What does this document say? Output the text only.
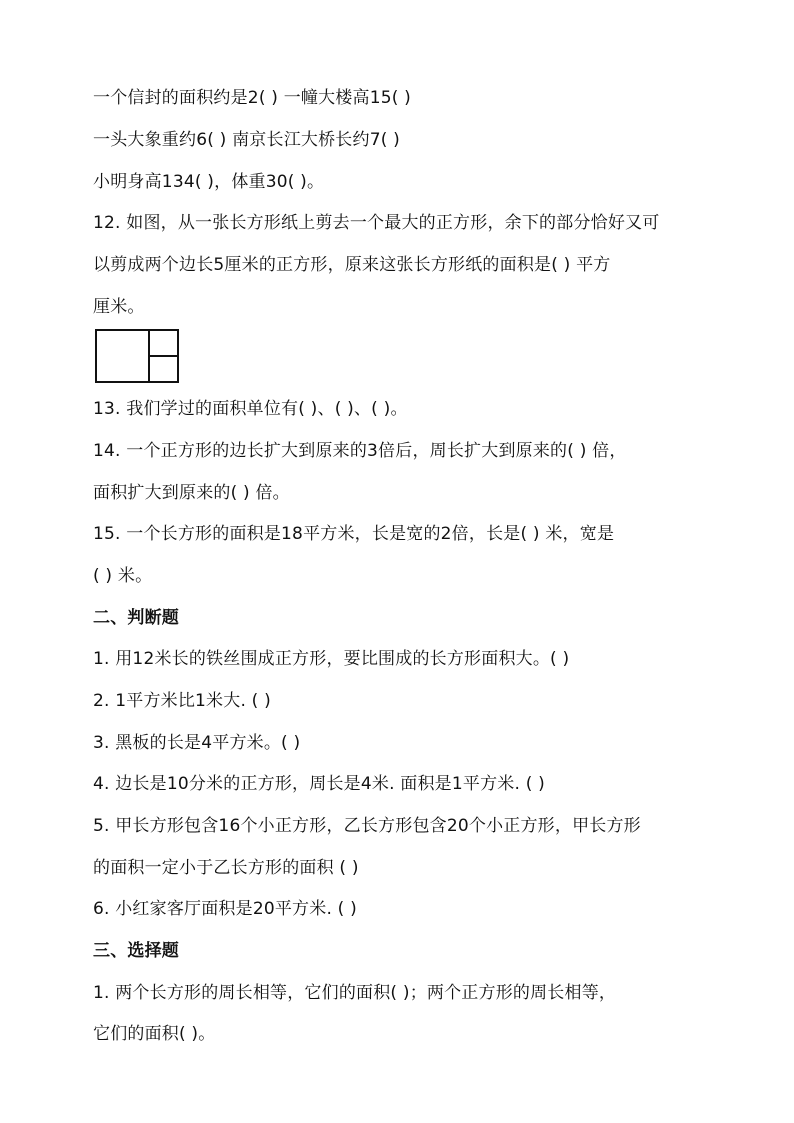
一个信封的面积约是2( ) 一幢大楼高15( )
一头大象重约6( ) 南京长江大桥长约7( )
小明身高134( )，体重30( )。
12. 如图，从一张长方形纸上剪去一个最大的正方形，余下的部分恰好又可
以剪成两个边长5厘米的正方形，原来这张长方形纸的面积是( ) 平方
厘米。
13. 我们学过的面积单位有( )、( )、( )。
14. 一个正方形的边长扩大到原来的3倍后，周长扩大到原来的( ) 倍，
面积扩大到原来的( ) 倍。
15. 一个长方形的面积是18平方米，长是宽的2倍，长是( ) 米，宽是
( ) 米。
二、判断题
1. 用12米长的铁丝围成正方形，要比围成的长方形面积大。( )
2. 1平方米比1米大. ( )
3. 黑板的长是4平方米。( )
4. 边长是10分米的正方形，周长是4米. 面积是1平方米. ( )
5. 甲长方形包含16个小正方形，乙长方形包含20个小正方形，甲长方形
的面积一定小于乙长方形的面积 ( )
6. 小红家客厅面积是20平方米. ( )
三、选择题
1. 两个长方形的周长相等，它们的面积( )；两个正方形的周长相等，
它们的面积( )。
